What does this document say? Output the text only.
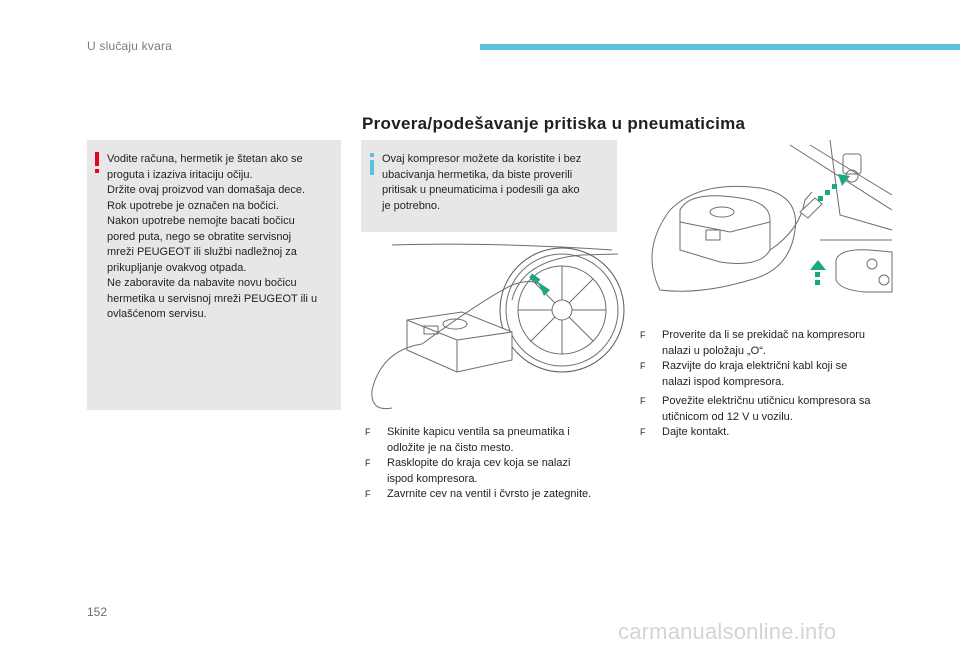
U slučaju kvara
Provera/podešavanje pritiska u pneumaticima
Vodite računa, hermetik je štetan ako se
proguta i izaziva iritaciju očiju.
Držite ovaj proizvod van domašaja dece.
Rok upotrebe je označen na bočici.
Nakon upotrebe nemojte bacati bočicu
pored puta, nego se obratite servisnoj
mreži PEUGEOT ili službi nadležnoj za
prikupljanje ovakvog otpada.
Ne zaboravite da nabavite novu bočicu
hermetika u servisnoj mreži PEUGEOT ili u
ovlašćenom servisu.
Ovaj kompresor možete da koristite i bez
ubacivanja hermetika, da biste proverili
pritisak u pneumaticima i podesili ga ako
je potrebno.
F Skinite kapicu ventila sa pneumatika i
odložite je na čisto mesto.
F Rasklopite do kraja cev koja se nalazi
ispod kompresora.
F Zavrnite cev na ventil i čvrsto je zategnite.
F Proverite da li se prekidač na kompresoru
nalazi u položaju „O“.
F Razvijte do kraja električni kabl koji se
nalazi ispod kompresora.
F Povežite električnu utičnicu kompresora sa
utičnicom od 12 V u vozilu.
F Dajte kontakt.
152
carmanualsonline.info
